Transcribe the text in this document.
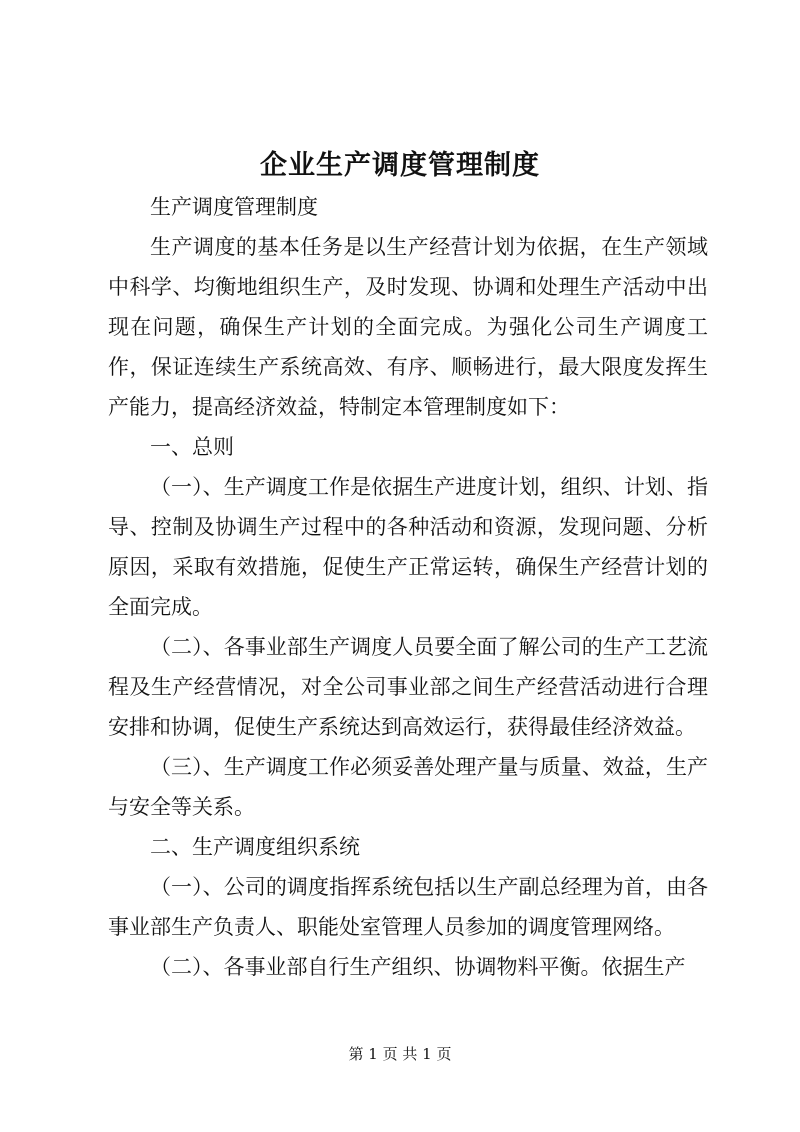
企业生产调度管理制度

生产调度管理制度

生产调度的基本任务是以生产经营计划为依据，在生产领域中科学、均衡地组织生产，及时发现、协调和处理生产活动中出现在问题，确保生产计划的全面完成。为强化公司生产调度工作，保证连续生产系统高效、有序、顺畅进行，最大限度发挥生产能力，提高经济效益，特制定本管理制度如下：

一、总则

（一）、生产调度工作是依据生产进度计划，组织、计划、指导、控制及协调生产过程中的各种活动和资源，发现问题、分析原因，采取有效措施，促使生产正常运转，确保生产经营计划的全面完成。

（二）、各事业部生产调度人员要全面了解公司的生产工艺流程及生产经营情况，对全公司事业部之间生产经营活动进行合理安排和协调，促使生产系统达到高效运行，获得最佳经济效益。

（三）、生产调度工作必须妥善处理产量与质量、效益，生产与安全等关系。

二、生产调度组织系统

（一）、公司的调度指挥系统包括以生产副总经理为首，由各事业部生产负责人、职能处室管理人员参加的调度管理网络。

（二）、各事业部自行生产组织、协调物料平衡。依据生产

第 1 页 共 1 页
